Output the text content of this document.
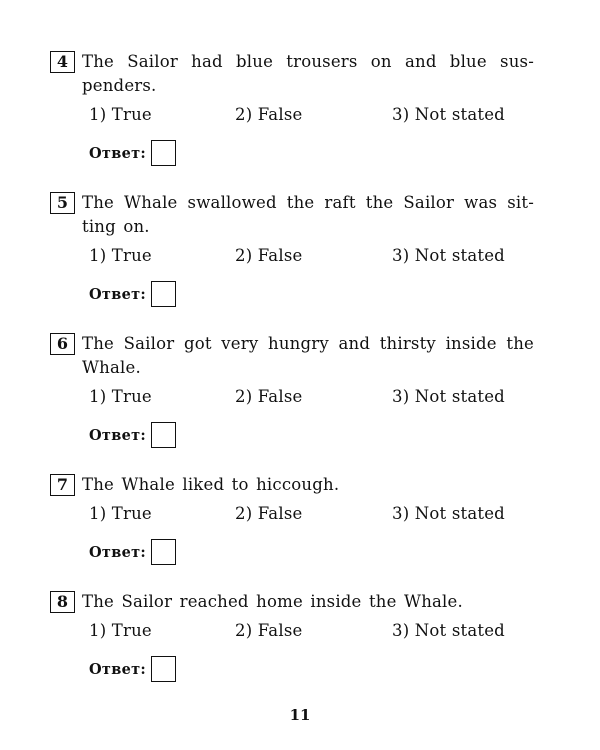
4 The Sailor had blue trousers on and blue sus-
penders.
1) True	2) False	3) Not stated
Ответ:
5 The Whale swallowed the raft the Sailor was sit-
ting on.
1) True	2) False	3) Not stated
Ответ:
6 The Sailor got very hungry and thirsty inside the
Whale.
1) True	2) False	3) Not stated
Ответ:
7 The Whale liked to hiccough.
1) True	2) False	3) Not stated
Ответ:
8 The Sailor reached home inside the Whale.
1) True	2) False	3) Not stated
Ответ:
11
